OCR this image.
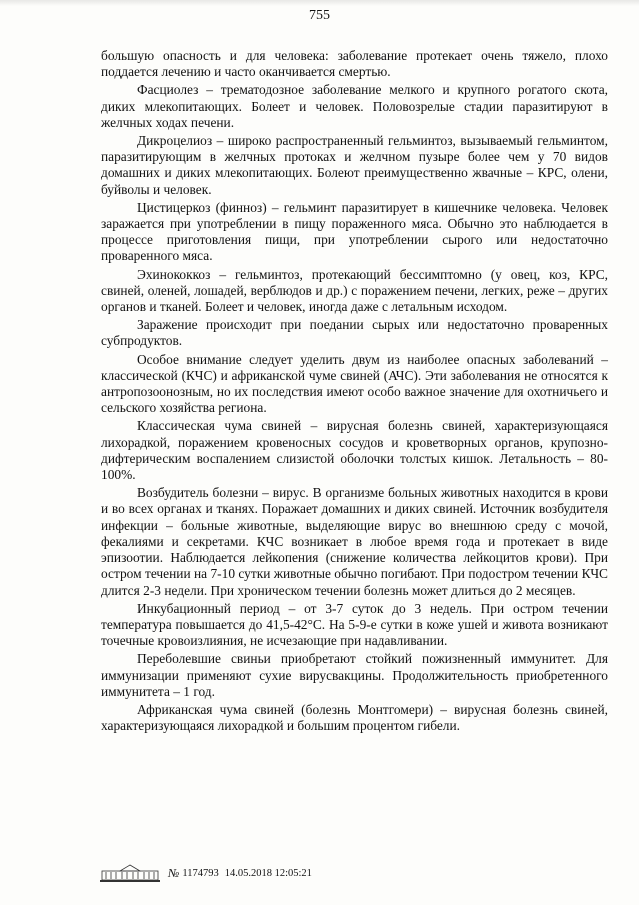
755

большую опасность и для человека: заболевание протекает очень тяжело, плохо поддается лечению и часто оканчивается смертью.

Фасциолез – трематодозное заболевание мелкого и крупного рогатого скота, диких млекопитающих. Болеет и человек. Половозрелые стадии паразитируют в желчных ходах печени.

Дикроцелиоз – широко распространенный гельминтоз, вызываемый гельминтом, паразитирующим в желчных протоках и желчном пузыре более чем у 70 видов домашних и диких млекопитающих. Болеют преимущественно жвачные – КРС, олени, буйволы и человек.

Цистицеркоз (финноз) – гельминт паразитирует в кишечнике человека. Человек заражается при употреблении в пищу пораженного мяса. Обычно это наблюдается в процессе приготовления пищи, при употреблении сырого или недостаточно проваренного мяса.

Эхинококкоз – гельминтоз, протекающий бессимптомно (у овец, коз, КРС, свиней, оленей, лошадей, верблюдов и др.) с поражением печени, легких, реже – других органов и тканей. Болеет и человек, иногда даже с летальным исходом.

Заражение происходит при поедании сырых или недостаточно проваренных субпродуктов.

Особое внимание следует уделить двум из наиболее опасных заболеваний – классической (КЧС) и африканской чуме свиней (АЧС). Эти заболевания не относятся к антропозоонозным, но их последствия имеют особо важное значение для охотничьего и сельского хозяйства региона.

Классическая чума свиней – вирусная болезнь свиней, характеризующаяся лихорадкой, поражением кровеносных сосудов и кроветворных органов, крупозно-дифтерическим воспалением слизистой оболочки толстых кишок. Летальность – 80-100%.

Возбудитель болезни – вирус. В организме больных животных находится в крови и во всех органах и тканях. Поражает домашних и диких свиней. Источник возбудителя инфекции – больные животные, выделяющие вирус во внешнюю среду с мочой, фекалиями и секретами. КЧС возникает в любое время года и протекает в виде эпизоотии. Наблюдается лейкопения (снижение количества лейкоцитов крови). При остром течении на 7-10 сутки животные обычно погибают. При подостром течении КЧС длится 2-3 недели. При хроническом течении болезнь может длиться до 2 месяцев.

Инкубационный период – от 3-7 суток до 3 недель. При остром течении температура повышается до 41,5-42°С. На 5-9-е сутки в коже ушей и живота возникают точечные кровоизлияния, не исчезающие при надавливании.

Переболевшие свиньи приобретают стойкий пожизненный иммунитет. Для иммунизации применяют сухие вирусвакцины. Продолжительность приобретенного иммунитета – 1 год.

Африканская чума свиней (болезнь Монтгомери) – вирусная болезнь свиней, характеризующаяся лихорадкой и большим процентом гибели.

№ 1174793 14.05.2018 12:05:21
